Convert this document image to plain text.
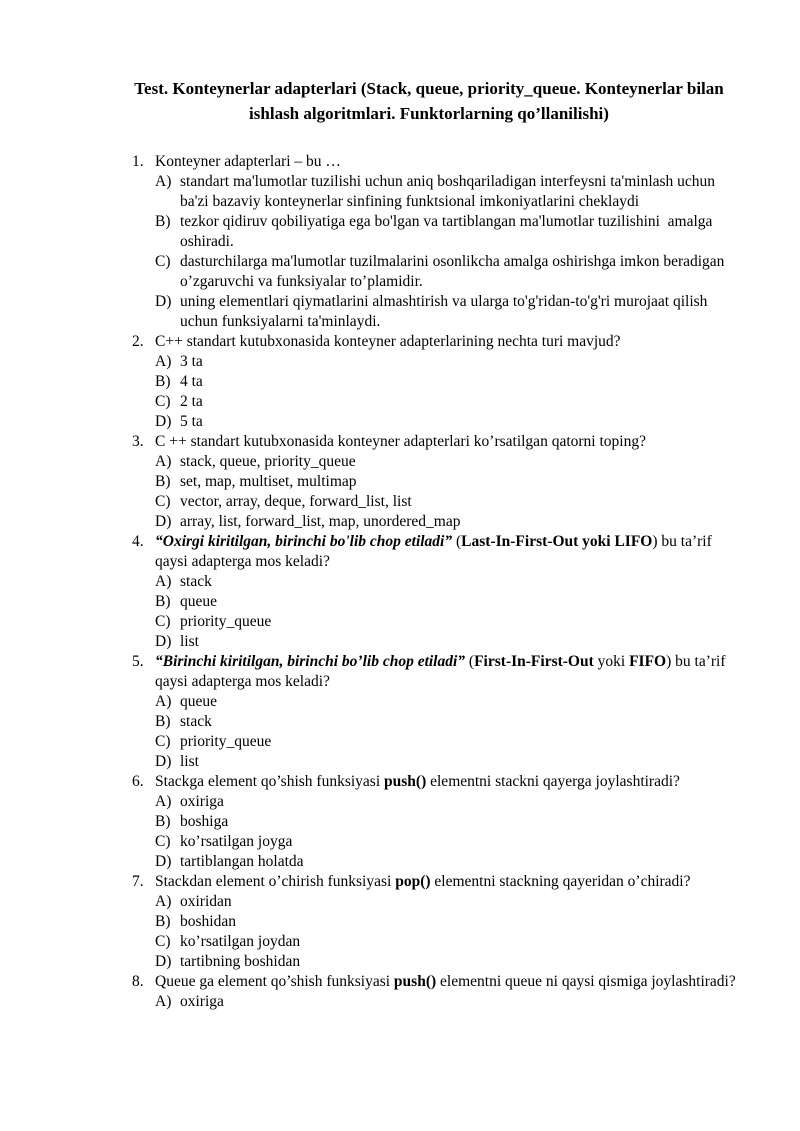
Test. Konteynerlar adapterlari (Stack, queue, priority_queue. Konteynerlar bilan ishlash algoritmlari. Funktorlarning qo’llanilishi)
1. Konteyner adapterlari – bu …
A) standart ma'lumotlar tuzilishi uchun aniq boshqariladigan interfeysni ta'minlash uchun ba'zi bazaviy konteynerlar sinfining funktsional imkoniyatlarini cheklaydi
B) tezkor qidiruv qobiliyatiga ega bo'lgan va tartiblangan ma'lumotlar tuzilishini  amalga oshiradi.
C) dasturchilarga ma'lumotlar tuzilmalarini osonlikcha amalga oshirishga imkon beradigan o’zgaruvchi va funksiyalar to’plamidir.
D) uning elementlari qiymatlarini almashtirish va ularga to'g'ridan-to'g'ri murojaat qilish uchun funksiyalarni ta'minlaydi.
2. C++ standart kutubxonasida konteyner adapterlarining nechta turi mavjud?
A) 3 ta
B) 4 ta
C) 2 ta
D) 5 ta
3. C ++ standart kutubxonasida konteyner adapterlari ko’rsatilgan qatorni toping?
A) stack, queue, priority_queue
B) set, map, multiset, multimap
C) vector, array, deque, forward_list, list
D) array, list, forward_list, map, unordered_map
4. “Oxirgi kiritilgan, birinchi bo'lib chop etiladi” (Last-In-First-Out yoki LIFO) bu ta’rif qaysi adapterga mos keladi?
A) stack
B) queue
C) priority_queue
D) list
5. “Birinchi kiritilgan, birinchi bo’lib chop etiladi” (First-In-First-Out yoki FIFO) bu ta’rif qaysi adapterga mos keladi?
A) queue
B) stack
C) priority_queue
D) list
6. Stackga element qo’shish funksiyasi push() elementni stackni qayerga joylashtiradi?
A) oxiriga
B) boshiga
C) ko’rsatilgan joyga
D) tartiblangan holatda
7. Stackdan element o’chirish funksiyasi pop() elementni stackning qayeridan o’chiradi?
A) oxiridan
B) boshidan
C) ko’rsatilgan joydan
D) tartibning boshidan
8. Queue ga element qo’shish funksiyasi push() elementni queue ni qaysi qismiga joylashtiradi?
A) oxiriga
